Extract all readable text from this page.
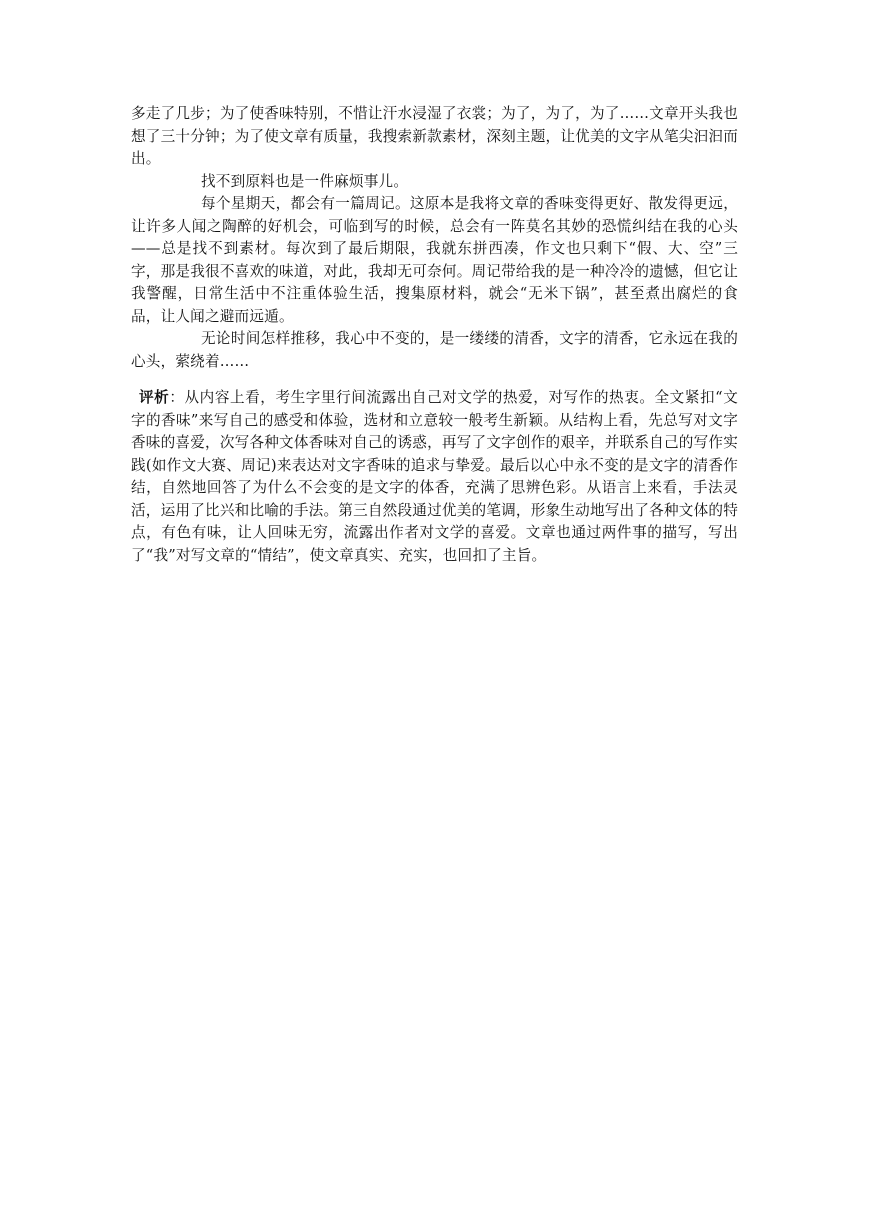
多走了几步；为了使香味特别，不惜让汗水浸湿了衣裳；为了，为了，为了……文章开头我也想了三十分钟；为了使文章有质量，我搜索新款素材，深刻主题，让优美的文字从笔尖汩汩而出。

找不到原料也是一件麻烦事儿。

每个星期天，都会有一篇周记。这原本是我将文章的香味变得更好、散发得更远，让许多人闻之陶醉的好机会，可临到写的时候，总会有一阵莫名其妙的恐慌纠结在我的心头——总是找不到素材。每次到了最后期限，我就东拼西凑，作文也只剩下“假、大、空”三字，那是我很不喜欢的味道，对此，我却无可奈何。周记带给我的是一种冷冷的遗憾，但它让我警醒，日常生活中不注重体验生活，搜集原材料，就会“无米下锅”，甚至煮出腐烂的食品，让人闻之避而远遁。

无论时间怎样推移，我心中不变的，是一缕缕的清香，文字的清香，它永远在我的心头，萦绕着……

评析：从内容上看，考生字里行间流露出自己对文学的热爱，对写作的热衷。全文紧扣“文字的香味”来写自己的感受和体验，选材和立意较一般考生新颖。从结构上看，先总写对文字香味的喜爱，次写各种文体香味对自己的诱惑，再写了文字创作的艰辛，并联系自己的写作实践(如作文大赛、周记)来表达对文字香味的追求与挚爱。最后以心中永不变的是文字的清香作结，自然地回答了为什么不会变的是文字的体香，充满了思辨色彩。从语言上来看，手法灵活，运用了比兴和比喻的手法。第三自然段通过优美的笔调，形象生动地写出了各种文体的特点，有色有味，让人回味无穷，流露出作者对文学的喜爱。文章也通过两件事的描写，写出了“我”对写文章的“情结”，使文章真实、充实，也回扣了主旨。
